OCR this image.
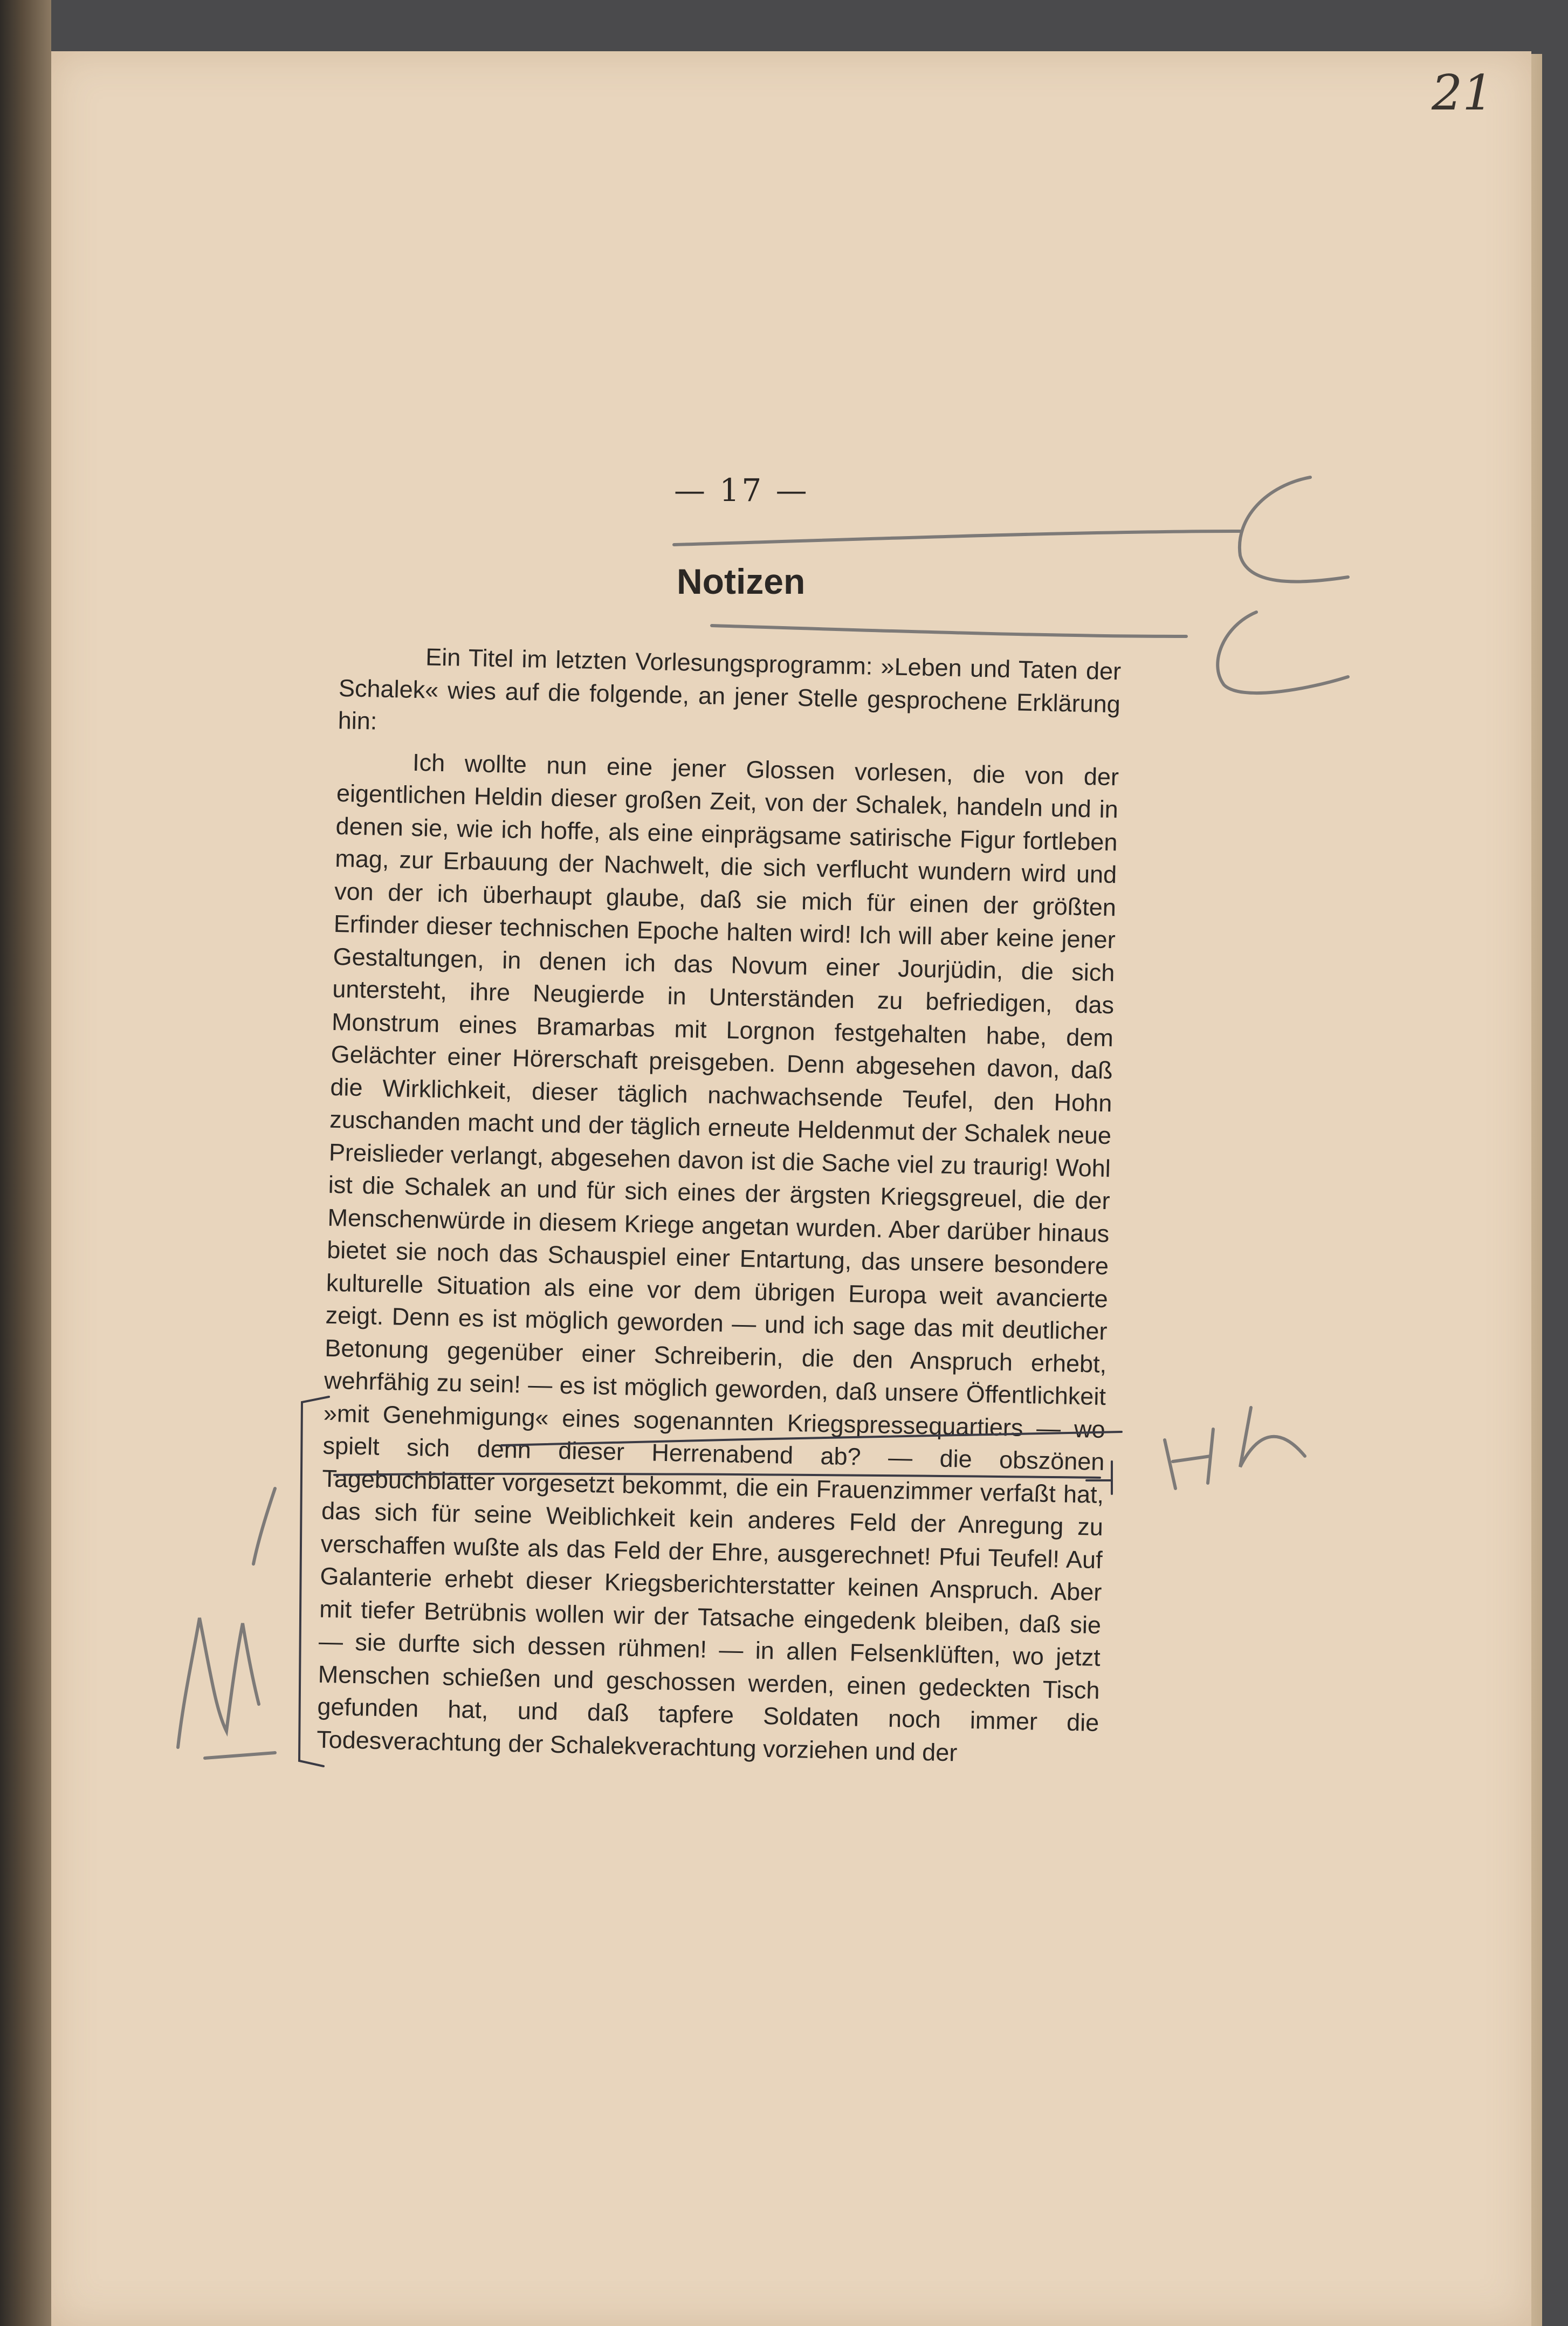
21
— 17 —
Notizen

Ein Titel im letzten Vorlesungsprogramm: »Leben und Taten der Schalek« wies auf die folgende, an jener Stelle gesprochene Erklärung hin:

Ich wollte nun eine jener Glossen vorlesen, die von der eigentlichen Heldin dieser großen Zeit, von der Schalek, handeln und in denen sie, wie ich hoffe, als eine einprägsame satirische Figur fortleben mag, zur Erbauung der Nachwelt, die sich verflucht wundern wird und von der ich überhaupt glaube, daß sie mich für einen der größten Erfinder dieser technischen Epoche halten wird! Ich will aber keine jener Gestaltungen, in denen ich das Novum einer Jourjüdin, die sich untersteht, ihre Neugierde in Unterständen zu befriedigen, das Monstrum eines Bramarbas mit Lorgnon festgehalten habe, dem Gelächter einer Hörerschaft preisgeben. Denn abgesehen davon, daß die Wirklichkeit, dieser täglich nachwachsende Teufel, den Hohn zuschanden macht und der täglich erneute Heldenmut der Schalek neue Preislieder verlangt, abgesehen davon ist die Sache viel zu traurig! Wohl ist die Schalek an und für sich eines der ärgsten Kriegsgreuel, die der Menschenwürde in diesem Kriege angetan wurden. Aber darüber hinaus bietet sie noch das Schauspiel einer Entartung, das unsere besondere kulturelle Situation als eine vor dem übrigen Europa weit avancierte zeigt. Denn es ist möglich geworden — und ich sage das mit deutlicher Betonung gegenüber einer Schreiberin, die den Anspruch erhebt, wehrfähig zu sein! — es ist möglich geworden, daß unsere Öffentlichkeit »mit Genehmigung« eines sogenannten Kriegspressequartiers — wo spielt sich denn dieser Herrenabend ab? — die obszönen Tagebuchblätter vorgesetzt bekommt, die ein Frauenzimmer verfaßt hat, das sich für seine Weiblichkeit kein anderes Feld der Anregung zu verschaffen wußte als das Feld der Ehre, ausgerechnet! Pfui Teufel! Auf Galanterie erhebt dieser Kriegsberichterstatter keinen Anspruch. Aber mit tiefer Betrübnis wollen wir der Tatsache eingedenk bleiben, daß sie — sie durfte sich dessen rühmen! — in allen Felsenklüften, wo jetzt Menschen schießen und geschossen werden, einen gedeckten Tisch gefunden hat, und daß tapfere Soldaten noch immer die Todesverachtung der Schalekverachtung vorziehen und der
